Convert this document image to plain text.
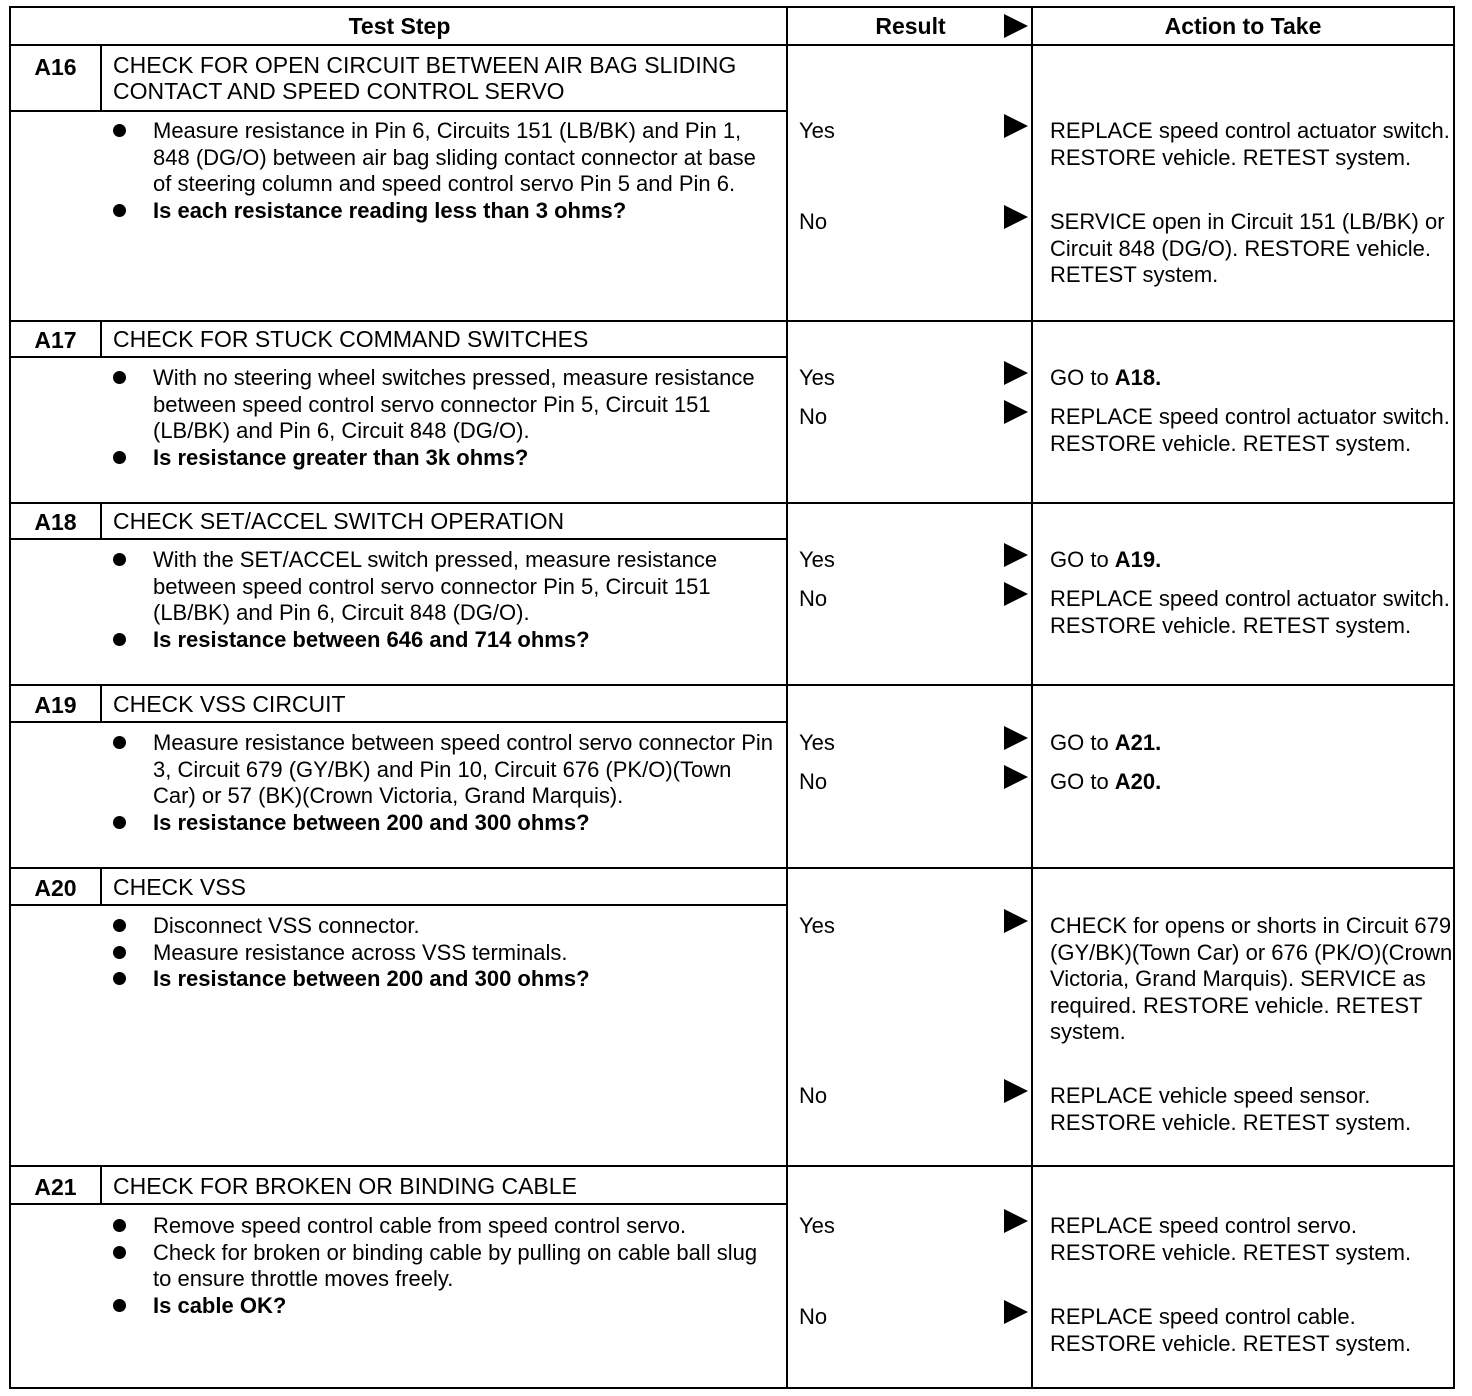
Test Step	Result	Action to Take
A16	CHECK FOR OPEN CIRCUIT BETWEEN AIR BAG SLIDING CONTACT AND SPEED CONTROL SERVO
Measure resistance in Pin 6, Circuits 151 (LB/BK) and Pin 1, 848 (DG/O) between air bag sliding contact connector at base of steering column and speed control servo Pin 5 and Pin 6.
Is each resistance reading less than 3 ohms?
Yes	REPLACE speed control actuator switch. RESTORE vehicle. RETEST system.
No	SERVICE open in Circuit 151 (LB/BK) or Circuit 848 (DG/O). RESTORE vehicle. RETEST system.
A17	CHECK FOR STUCK COMMAND SWITCHES
With no steering wheel switches pressed, measure resistance between speed control servo connector Pin 5, Circuit 151 (LB/BK) and Pin 6, Circuit 848 (DG/O).
Is resistance greater than 3k ohms?
Yes	GO to A18.
No	REPLACE speed control actuator switch. RESTORE vehicle. RETEST system.
A18	CHECK SET/ACCEL SWITCH OPERATION
With the SET/ACCEL switch pressed, measure resistance between speed control servo connector Pin 5, Circuit 151 (LB/BK) and Pin 6, Circuit 848 (DG/O).
Is resistance between 646 and 714 ohms?
Yes	GO to A19.
No	REPLACE speed control actuator switch. RESTORE vehicle. RETEST system.
A19	CHECK VSS CIRCUIT
Measure resistance between speed control servo connector Pin 3, Circuit 679 (GY/BK) and Pin 10, Circuit 676 (PK/O)(Town Car) or 57 (BK)(Crown Victoria, Grand Marquis).
Is resistance between 200 and 300 ohms?
Yes	GO to A21.
No	GO to A20.
A20	CHECK VSS
Disconnect VSS connector.
Measure resistance across VSS terminals.
Is resistance between 200 and 300 ohms?
Yes	CHECK for opens or shorts in Circuit 679 (GY/BK)(Town Car) or 676 (PK/O)(Crown Victoria, Grand Marquis). SERVICE as required. RESTORE vehicle. RETEST system.
No	REPLACE vehicle speed sensor. RESTORE vehicle. RETEST system.
A21	CHECK FOR BROKEN OR BINDING CABLE
Remove speed control cable from speed control servo.
Check for broken or binding cable by pulling on cable ball slug to ensure throttle moves freely.
Is cable OK?
Yes	REPLACE speed control servo. RESTORE vehicle. RETEST system.
No	REPLACE speed control cable. RESTORE vehicle. RETEST system.
